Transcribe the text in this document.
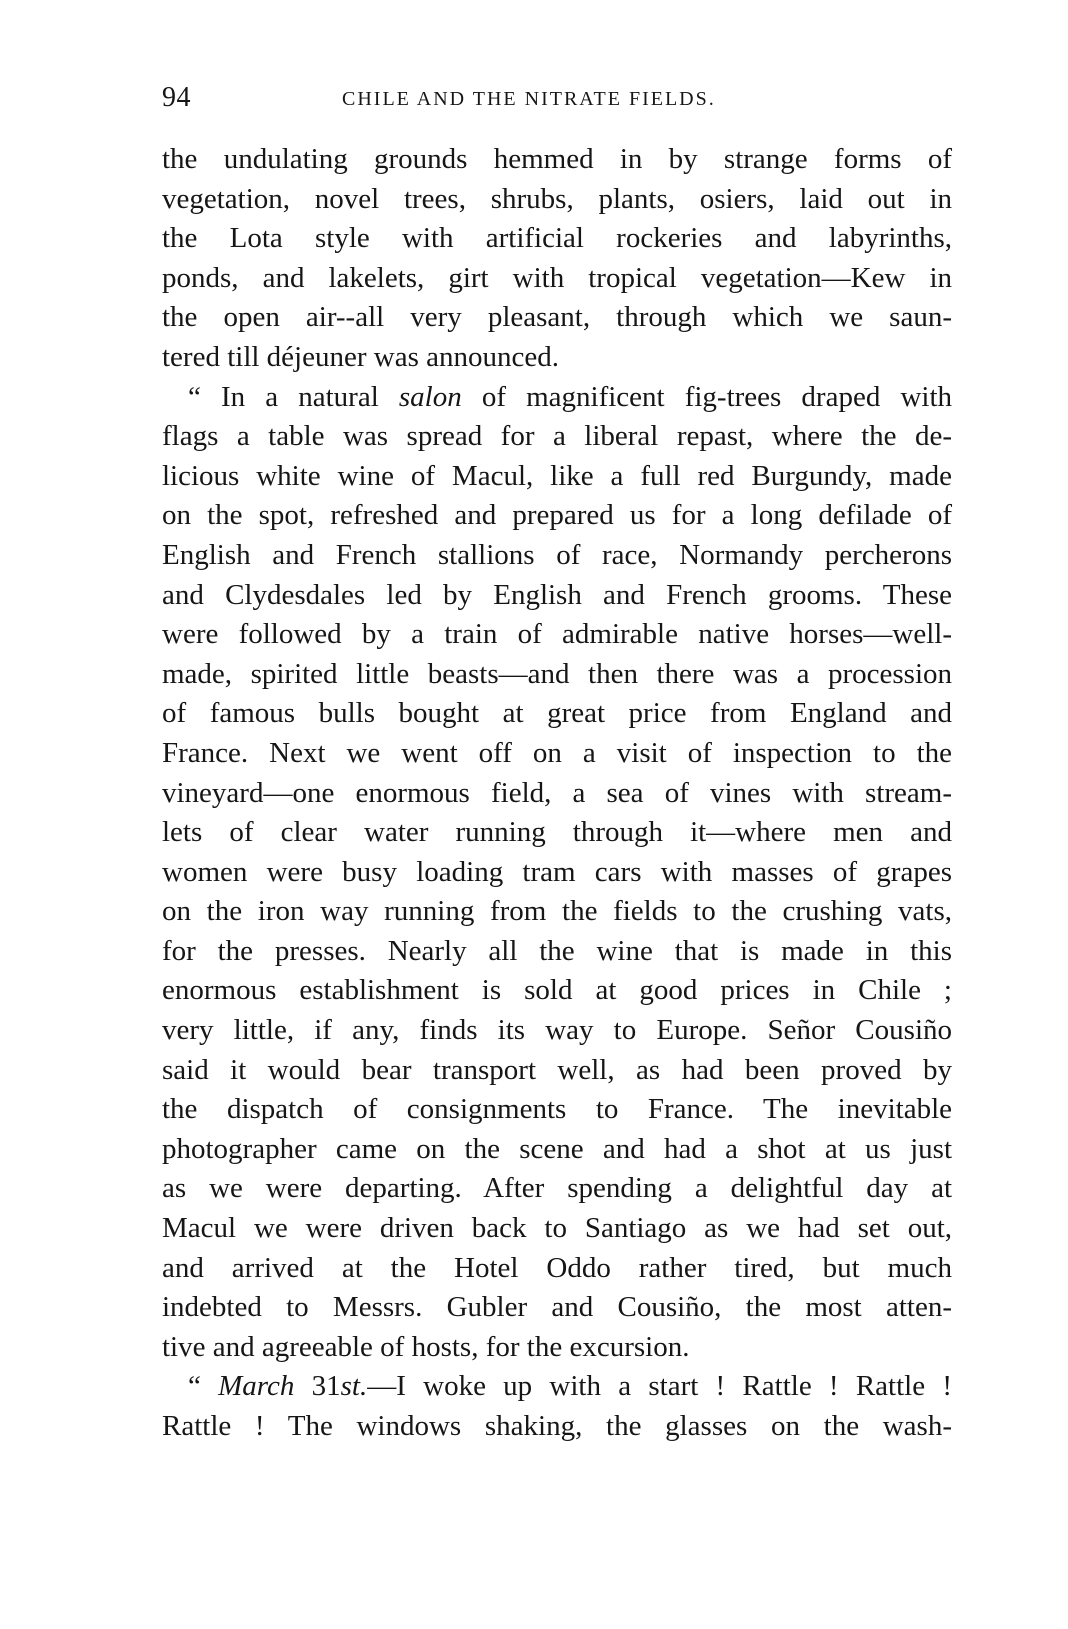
94	CHILE AND THE NITRATE FIELDS.
the undulating grounds hemmed in by strange forms of
vegetation, novel trees, shrubs, plants, osiers, laid out in
the Lota style with artificial rockeries and labyrinths,
ponds, and lakelets, girt with tropical vegetation—Kew in
the open air--all very pleasant, through which we saun-
tered till déjeuner was announced.
“ In a natural salon of magnificent fig-trees draped with
flags a table was spread for a liberal repast, where the de-
licious white wine of Macul, like a full red Burgundy, made
on the spot, refreshed and prepared us for a long defilade of
English and French stallions of race, Normandy percherons
and Clydesdales led by English and French grooms. These
were followed by a train of admirable native horses—well-
made, spirited little beasts—and then there was a procession
of famous bulls bought at great price from England and
France. Next we went off on a visit of inspection to the
vineyard—one enormous field, a sea of vines with stream-
lets of clear water running through it—where men and
women were busy loading tram cars with masses of grapes
on the iron way running from the fields to the crushing vats,
for the presses. Nearly all the wine that is made in this
enormous establishment is sold at good prices in Chile ;
very little, if any, finds its way to Europe. Señor Cousiño
said it would bear transport well, as had been proved by
the dispatch of consignments to France. The inevitable
photographer came on the scene and had a shot at us just
as we were departing. After spending a delightful day at
Macul we were driven back to Santiago as we had set out,
and arrived at the Hotel Oddo rather tired, but much
indebted to Messrs. Gubler and Cousiño, the most atten-
tive and agreeable of hosts, for the excursion.
“ March 31st.—I woke up with a start ! Rattle ! Rattle !
Rattle ! The windows shaking, the glasses on the wash-
